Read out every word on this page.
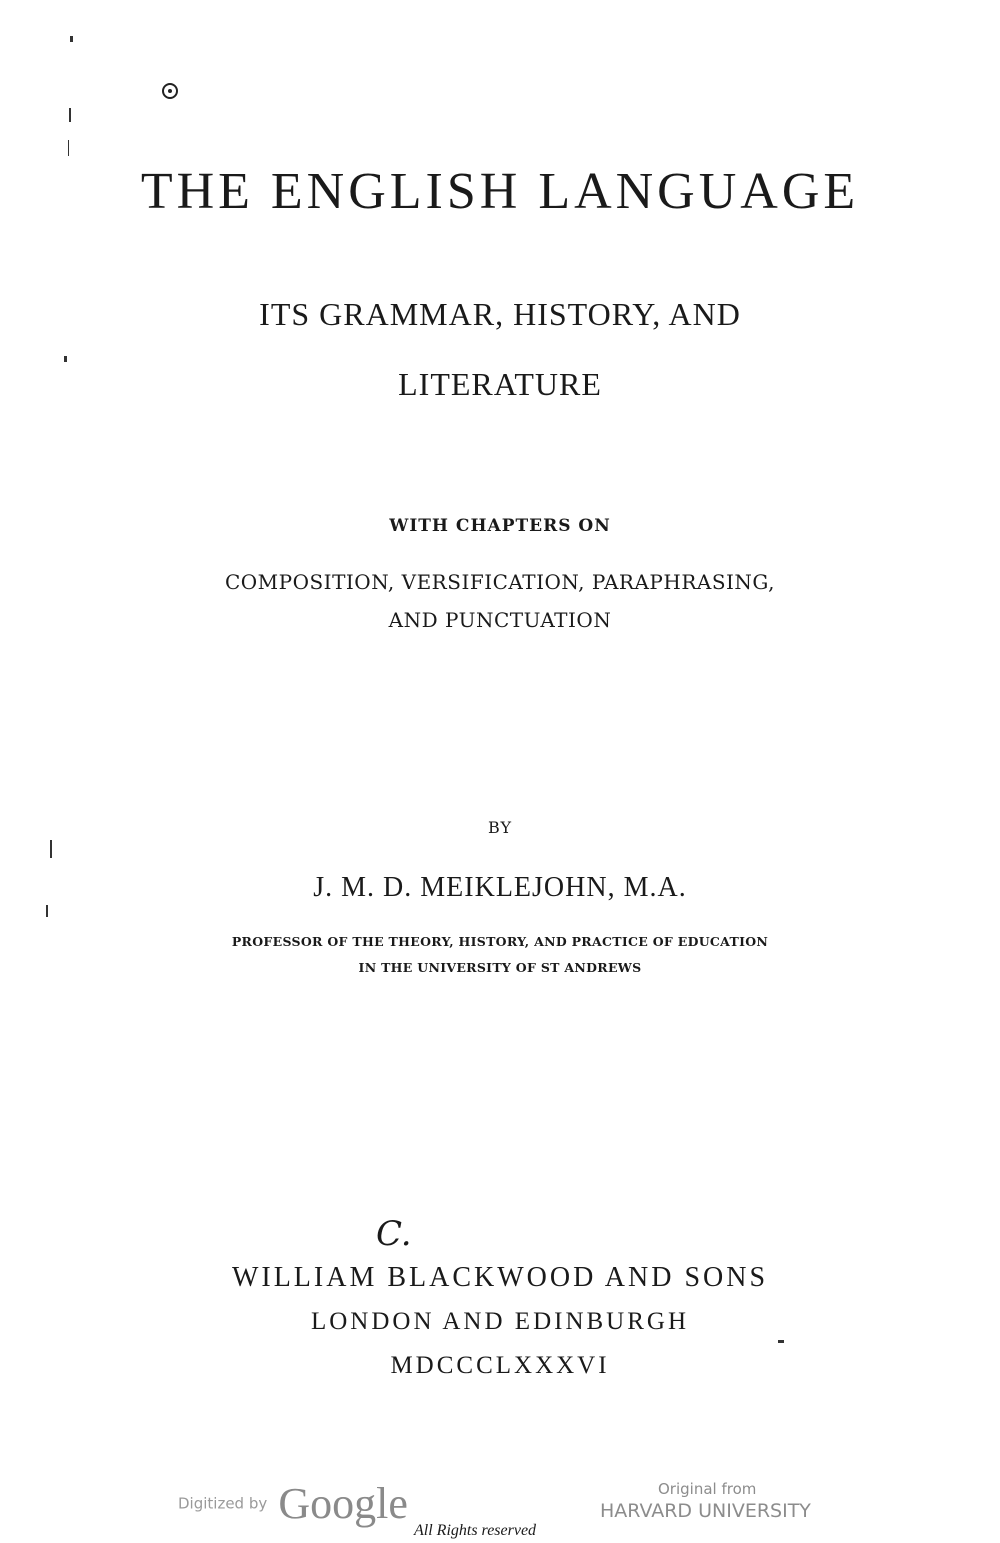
THE ENGLISH LANGUAGE
ITS GRAMMAR, HISTORY, AND
LITERATURE
WITH CHAPTERS ON
COMPOSITION, VERSIFICATION, PARAPHRASING,
AND PUNCTUATION
BY
J. M. D. MEIKLEJOHN, M.A.
PROFESSOR OF THE THEORY, HISTORY, AND PRACTICE OF EDUCATION
IN THE UNIVERSITY OF ST ANDREWS
C.
WILLIAM BLACKWOOD AND SONS
LONDON AND EDINBURGH
MDCCCLXXXVI
Digitized by Google
All Rights reserved
Original from
HARVARD UNIVERSITY
